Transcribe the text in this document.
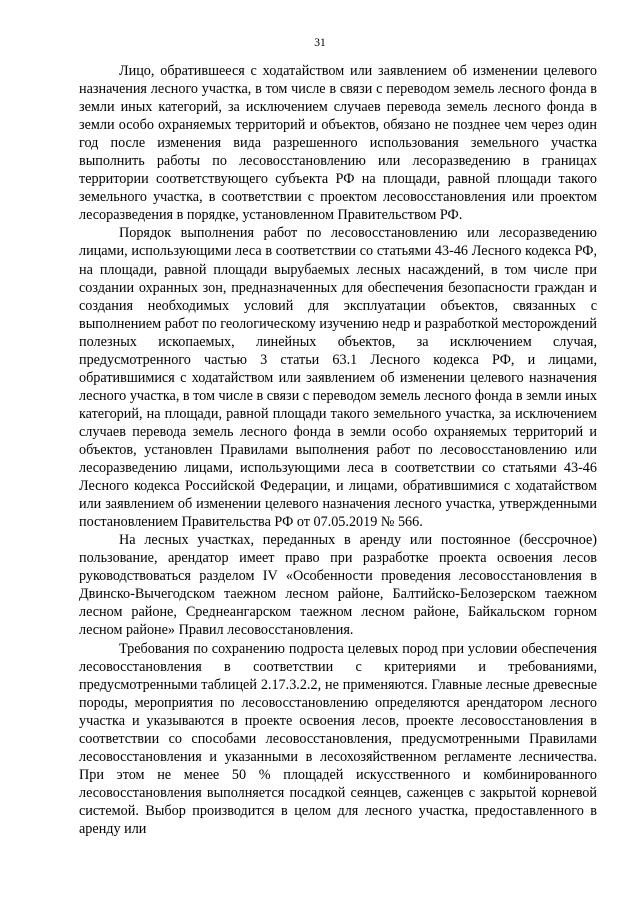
31

Лицо, обратившееся с ходатайством или заявлением об изменении целевого назначения лесного участка, в том числе в связи с переводом земель лесного фонда в земли иных категорий, за исключением случаев перевода земель лесного фонда в земли особо охраняемых территорий и объектов, обязано не позднее чем через один год после изменения вида разрешенного использования земельного участка выполнить работы по лесовосстановлению или лесоразведению в границах территории соответствующего субъекта РФ на площади, равной площади такого земельного участка, в соответствии с проектом лесовосстановления или проектом лесоразведения в порядке, установленном Правительством РФ.

Порядок выполнения работ по лесовосстановлению или лесоразведению лицами, использующими леса в соответствии со статьями 43-46 Лесного кодекса РФ, на площади, равной площади вырубаемых лесных насаждений, в том числе при создании охранных зон, предназначенных для обеспечения безопасности граждан и создания необходимых условий для эксплуатации объектов, связанных с выполнением работ по геологическому изучению недр и разработкой месторождений полезных ископаемых, линейных объектов, за исключением случая, предусмотренного частью 3 статьи 63.1 Лесного кодекса РФ, и лицами, обратившимися с ходатайством или заявлением об изменении целевого назначения лесного участка, в том числе в связи с переводом земель лесного фонда в земли иных категорий, на площади, равной площади такого земельного участка, за исключением случаев перевода земель лесного фонда в земли особо охраняемых территорий и объектов, установлен Правилами выполнения работ по лесовосстановлению или лесоразведению лицами, использующими леса в соответствии со статьями 43-46 Лесного кодекса Российской Федерации, и лицами, обратившимися с ходатайством или заявлением об изменении целевого назначения лесного участка, утвержденными постановлением Правительства РФ от 07.05.2019 № 566.

На лесных участках, переданных в аренду или постоянное (бессрочное) пользование, арендатор имеет право при разработке проекта освоения лесов руководствоваться разделом IV «Особенности проведения лесовосстановления в Двинско-Вычегодском таежном лесном районе, Балтийско-Белозерском таежном лесном районе, Среднеангарском таежном лесном районе, Байкальском горном лесном районе» Правил лесовосстановления.

Требования по сохранению подроста целевых пород при условии обеспечения лесовосстановления в соответствии с критериями и требованиями, предусмотренными таблицей 2.17.3.2.2, не применяются. Главные лесные древесные породы, мероприятия по лесовосстановлению определяются арендатором лесного участка и указываются в проекте освоения лесов, проекте лесовосстановления в соответствии со способами лесовосстановления, предусмотренными Правилами лесовосстановления и указанными в лесохозяйственном регламенте лесничества. При этом не менее 50 % площадей искусственного и комбинированного лесовосстановления выполняется посадкой сеянцев, саженцев с закрытой корневой системой. Выбор производится в целом для лесного участка, предоставленного в аренду или
